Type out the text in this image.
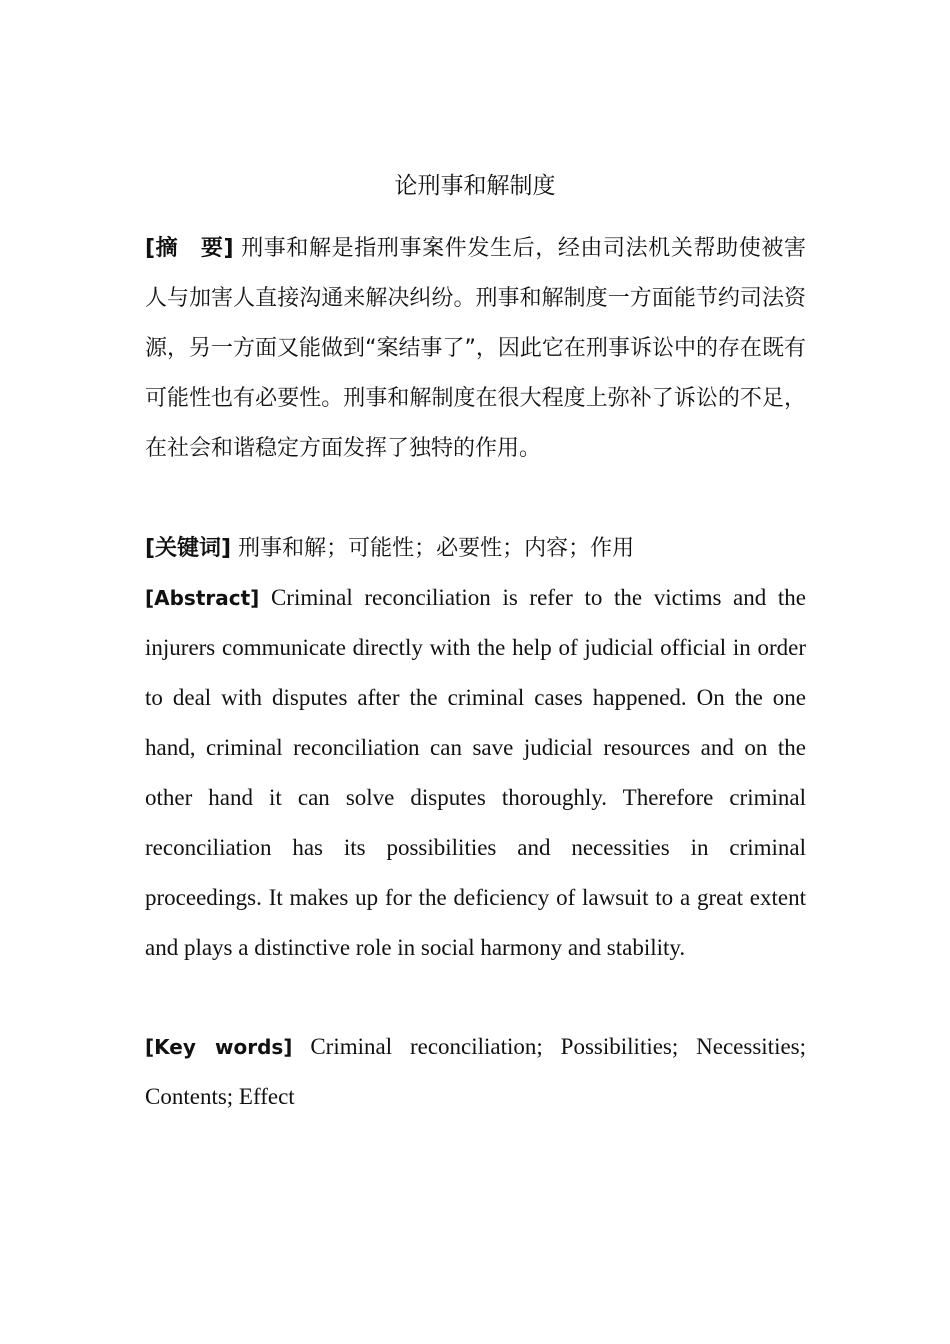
论刑事和解制度

[摘　要] 刑事和解是指刑事案件发生后，经由司法机关帮助使被害人与加害人直接沟通来解决纠纷。刑事和解制度一方面能节约司法资源，另一方面又能做到“案结事了”，因此它在刑事诉讼中的存在既有可能性也有必要性。刑事和解制度在很大程度上弥补了诉讼的不足，在社会和谐稳定方面发挥了独特的作用。

[关键词] 刑事和解；可能性；必要性；内容；作用

[Abstract] Criminal reconciliation is refer to the victims and the injurers communicate directly with the help of judicial official in order to deal with disputes after the criminal cases happened. On the one hand, criminal reconciliation can save judicial resources and on the other hand it can solve disputes thoroughly. Therefore criminal reconciliation has its possibilities and necessities in criminal proceedings. It makes up for the deficiency of lawsuit to a great extent and plays a distinctive role in social harmony and stability.

[Key words] Criminal reconciliation; Possibilities; Necessities; Contents; Effect
